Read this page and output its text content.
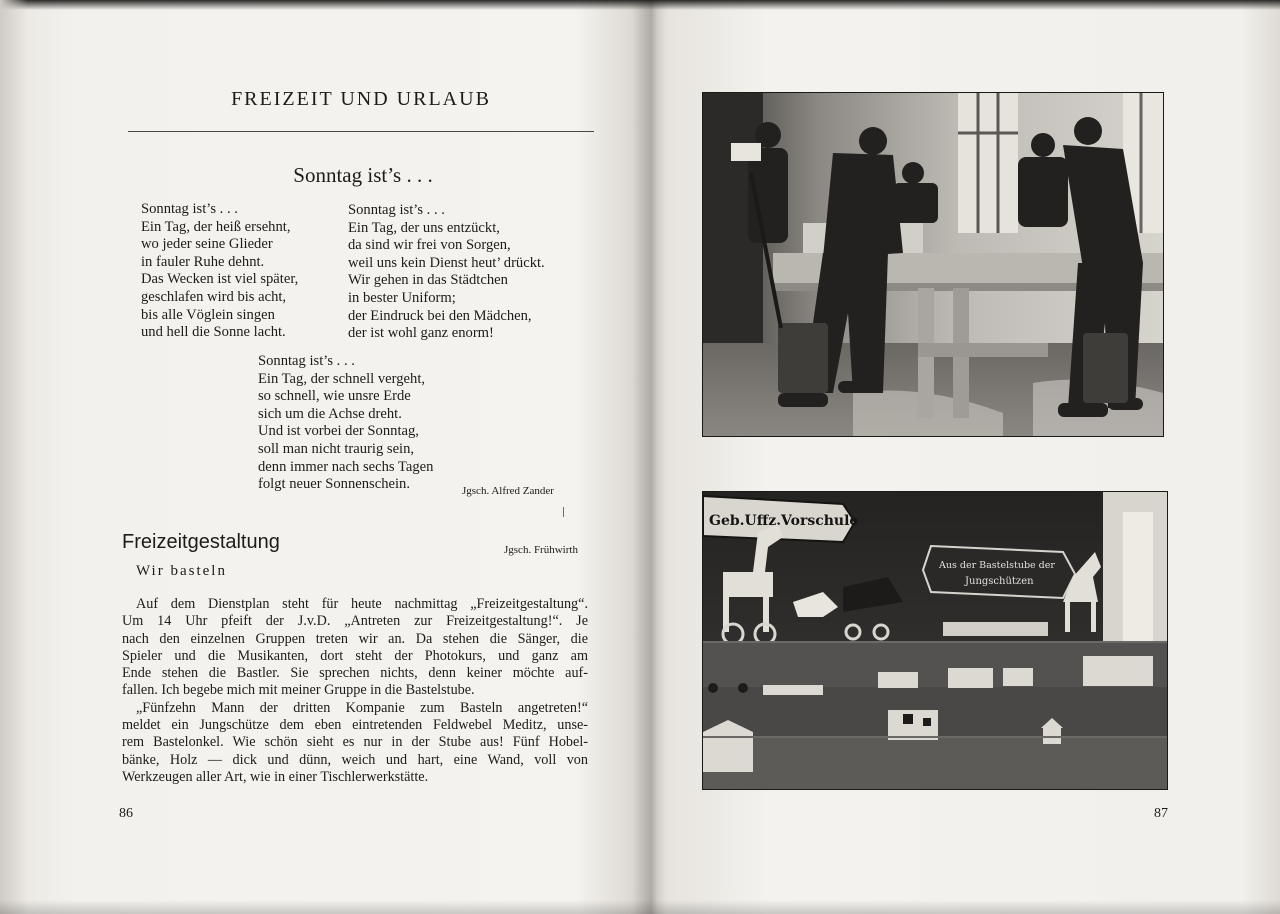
FREIZEIT UND URLAUB
Sonntag ist’s . . .
Sonntag ist’s . . .
Ein Tag, der heiß ersehnt,
wo jeder seine Glieder
in fauler Ruhe dehnt.
Das Wecken ist viel später,
geschlafen wird bis acht,
bis alle Vöglein singen
und hell die Sonne lacht.
Sonntag ist’s . . .
Ein Tag, der uns entzückt,
da sind wir frei von Sorgen,
weil uns kein Dienst heut’ drückt.
Wir gehen in das Städtchen
in bester Uniform;
der Eindruck bei den Mädchen,
der ist wohl ganz enorm!
Sonntag ist’s . . .
Ein Tag, der schnell vergeht,
so schnell, wie unsre Erde
sich um die Achse dreht.
Und ist vorbei der Sonntag,
soll man nicht traurig sein,
denn immer nach sechs Tagen
folgt neuer Sonnenschein.	Jgsch. Alfred Zander
Freizeitgestaltung	Jgsch. Frühwirth
Wir basteln
Auf dem Dienstplan steht für heute nachmittag „Freizeitgestaltung“.
Um 14 Uhr pfeift der J.v.D. „Antreten zur Freizeitgestaltung!“. Je
nach den einzelnen Gruppen treten wir an. Da stehen die Sänger, die
Spieler und die Musikanten, dort steht der Photokurs, und ganz am
Ende stehen die Bastler. Sie sprechen nichts, denn keiner möchte auf-
fallen. Ich begebe mich mit meiner Gruppe in die Bastelstube.
„Fünfzehn Mann der dritten Kompanie zum Basteln angetreten!“
meldet ein Jungschütze dem eben eintretenden Feldwebel Meditz, unse-
rem Bastelonkel. Wie schön sieht es nur in der Stube aus! Fünf Hobel-
bänke, Holz — dick und dünn, weich und hart, eine Wand, voll von
Werkzeugen aller Art, wie in einer Tischlerwerkstätte.
86
Geb.Uffz.Vorschule
Aus der Bastelstube der
Jungschützen
87
